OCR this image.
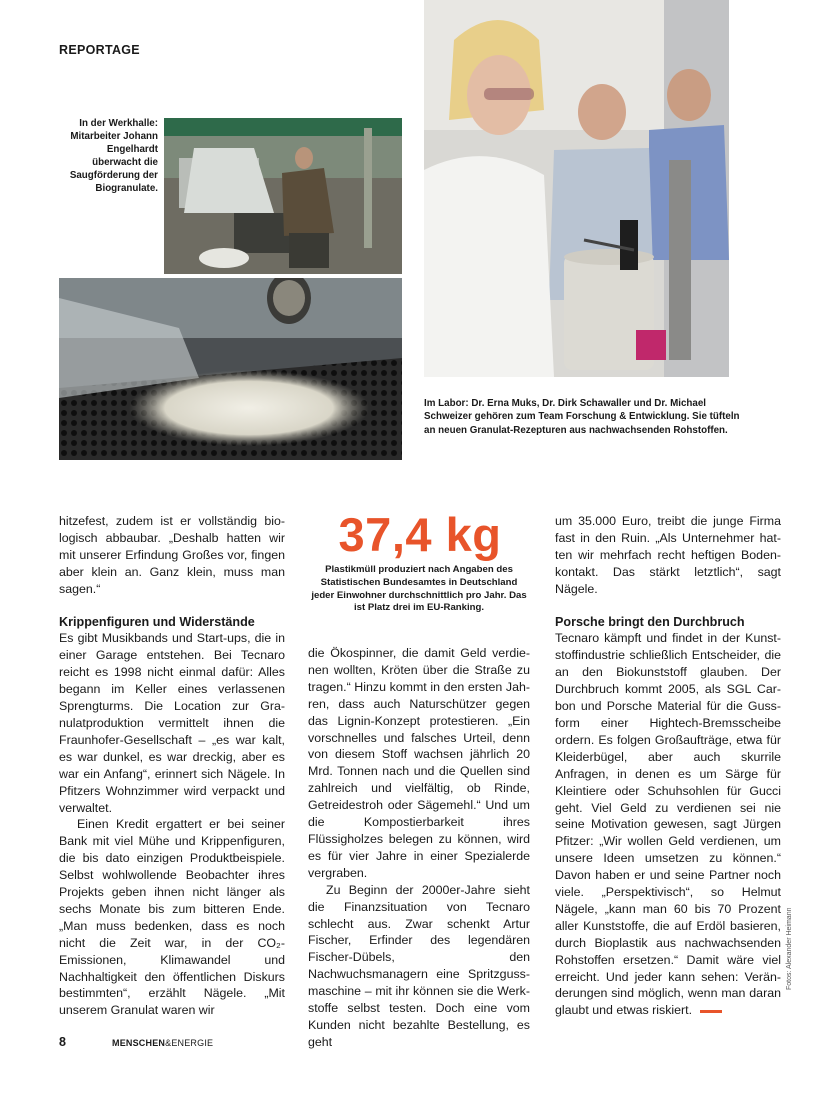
REPORTAGE
In der Werkhalle: Mitarbeiter Johann Engelhardt überwacht die Saugförderung der Biogranulate.
Im Labor: Dr. Erna Muks, Dr. Dirk Schawaller und Dr. Michael Schweizer gehören zum Team Forschung & Entwicklung. Sie tüfteln an neuen Granulat-Rezepturen aus nachwachsenden Rohstoffen.

hitzefest, zudem ist er vollständig biologisch abbaubar. „Deshalb hatten wir mit unserer Erfindung Großes vor, fingen aber klein an. Ganz klein, muss man sagen.“

Krippenfiguren und Widerstände

Es gibt Musikbands und Start-ups, die in einer Garage entstehen. Bei Tecnaro reicht es 1998 nicht einmal dafür: Alles begann im Keller eines verlassenen Sprengturms. Die Location zur Granulatproduktion vermittelt ihnen die Fraunhofer-Gesellschaft – „es war kalt, es war dunkel, es war dreckig, aber es war ein Anfang“, erinnert sich Nägele. In Pfitzers Wohnzimmer wird verpackt und verwaltet.

Einen Kredit ergattert er bei seiner Bank mit viel Mühe und Krippenfiguren, die bis dato einzigen Produktbeispiele. Selbst wohlwollende Beobachter ihres Projekts geben ihnen nicht länger als sechs Monate bis zum bitteren Ende. „Man muss bedenken, dass es noch nicht die Zeit war, in der CO₂-Emissionen, Klimawandel und Nachhaltigkeit den öffentlichen Diskurs bestimmten“, erzählt Nägele. „Mit unserem Granulat waren wir

37,4 kg
Plastikmüll produziert nach Angaben des Statistischen Bundesamtes in Deutschland jeder Einwohner durchschnittlich pro Jahr. Das ist Platz drei im EU-Ranking.

die Ökospinner, die damit Geld verdienen wollten, Kröten über die Straße zu tragen.“ Hinzu kommt in den ersten Jahren, dass auch Naturschützer gegen das Lignin-Konzept protestieren. „Ein vorschnelles und falsches Urteil, denn von diesem Stoff wachsen jährlich 20 Mrd. Tonnen nach und die Quellen sind zahlreich und vielfältig, ob Rinde, Getreidestroh oder Sägemehl.“ Und um die Kompostierbarkeit ihres Flüssigholzes belegen zu können, wird es für vier Jahre in einer Spezialerde vergraben.

Zu Beginn der 2000er-Jahre sieht die Finanzsituation von Tecnaro schlecht aus. Zwar schenkt Artur Fischer, Erfinder des legendären Fischer-Dübels, den Nachwuchsmanagern eine Spritzgussmaschine – mit ihr können sie die Werkstoffe selbst testen. Doch eine vom Kunden nicht bezahlte Bestellung, es geht

um 35.000 Euro, treibt die junge Firma fast in den Ruin. „Als Unternehmer hatten wir mehrfach recht heftigen Bodenkontakt. Das stärkt letztlich“, sagt Nägele.

Porsche bringt den Durchbruch

Tecnaro kämpft und findet in der Kunststoffindustrie schließlich Entscheider, die an den Biokunststoff glauben. Der Durchbruch kommt 2005, als SGL Carbon und Porsche Material für die Gussform einer Hightech-Bremsscheibe ordern. Es folgen Großaufträge, etwa für Kleiderbügel, aber auch skurrile Anfragen, in denen es um Särge für Kleintiere oder Schuhsohlen für Gucci geht. Viel Geld zu verdienen sei nie seine Motivation gewesen, sagt Jürgen Pfitzer: „Wir wollen Geld verdienen, um unsere Ideen umsetzen zu können.“ Davon haben er und seine Partner noch viele. „Perspektivisch“, so Helmut Nägele, „kann man 60 bis 70 Prozent aller Kunststoffe, die auf Erdöl basieren, durch Bioplastik aus nachwachsenden Rohstoffen ersetzen.“ Damit wäre viel erreicht. Und jeder kann sehen: Veränderungen sind möglich, wenn man daran glaubt und etwas riskiert.

Fotos: Alexander Heimann
8	MENSCHEN&ENERGIE
